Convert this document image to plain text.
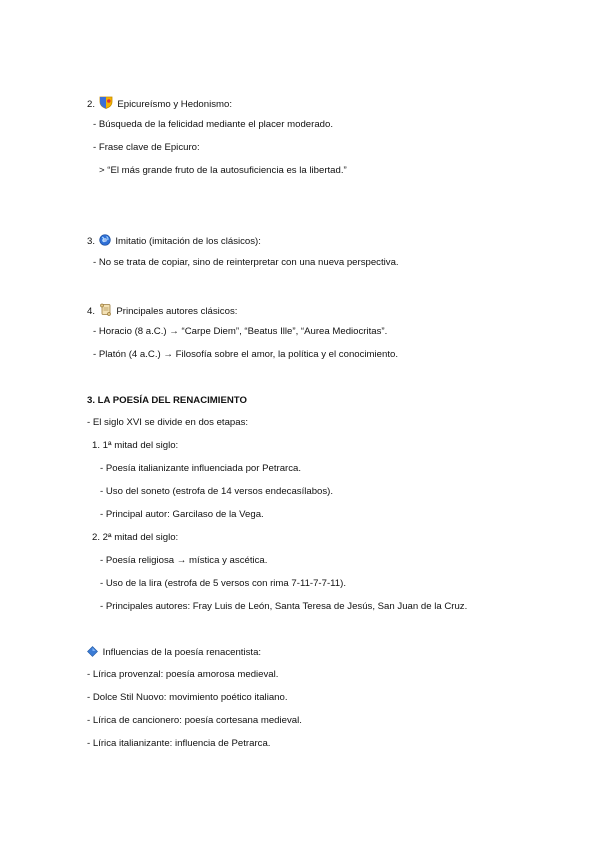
2. Epicureísmo y Hedonismo:
- Búsqueda de la felicidad mediante el placer moderado.
- Frase clave de Epicuro:
> “El más grande fruto de la autosuficiencia es la libertad.”
3. Imitatio (imitación de los clásicos):
- No se trata de copiar, sino de reinterpretar con una nueva perspectiva.
4. Principales autores clásicos:
- Horacio (8 a.C.) → “Carpe Diem”, “Beatus Ille”, “Aurea Mediocritas”.
- Platón (4 a.C.) → Filosofía sobre el amor, la política y el conocimiento.
3. LA POESÍA DEL RENACIMIENTO
- El siglo XVI se divide en dos etapas:
1. 1ª mitad del siglo:
- Poesía italianizante influenciada por Petrarca.
- Uso del soneto (estrofa de 14 versos endecasílabos).
- Principal autor: Garcilaso de la Vega.
2. 2ª mitad del siglo:
- Poesía religiosa → mística y ascética.
- Uso de la lira (estrofa de 5 versos con rima 7-11-7-7-11).
- Principales autores: Fray Luis de León, Santa Teresa de Jesús, San Juan de la Cruz.
Influencias de la poesía renacentista:
- Lírica provenzal: poesía amorosa medieval.
- Dolce Stil Nuovo: movimiento poético italiano.
- Lírica de cancionero: poesía cortesana medieval.
- Lírica italianizante: influencia de Petrarca.
